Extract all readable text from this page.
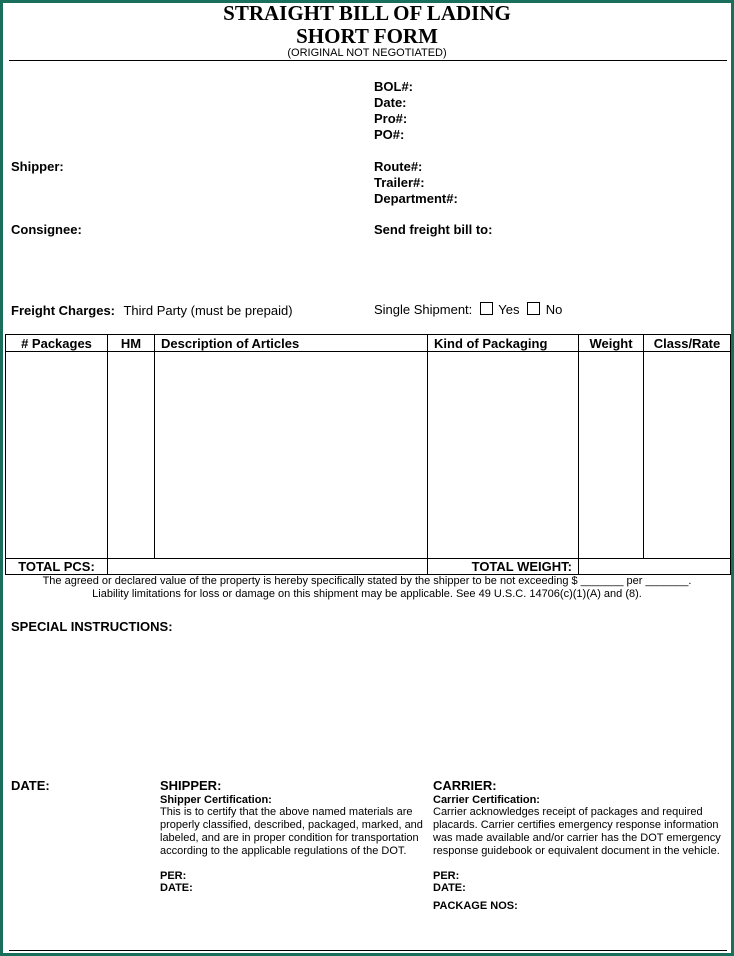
STRAIGHT BILL OF LADING
SHORT FORM
(ORIGINAL NOT NEGOTIATED)
BOL#:
Date:
Pro#:
PO#:
Route#:
Trailer#:
Department#:
Send freight bill to:
Shipper:
Consignee:
Freight Charges: Third Party (must be prepaid)	Single Shipment: Yes No
# Packages	HM	Description of Articles	Kind of Packaging	Weight	Class/Rate

TOTAL PCS:			TOTAL WEIGHT:		
The agreed or declared value of the property is hereby specifically stated by the shipper to be not exceeding $ _______ per _______.
Liability limitations for loss or damage on this shipment may be applicable. See 49 U.S.C. 14706(c)(1)(A) and (8).
SPECIAL INSTRUCTIONS:
DATE:	SHIPPER:
Shipper Certification:
This is to certify that the above named materials are
properly classified, described, packaged, marked, and
labeled, and are in proper condition for transportation
according to the applicable regulations of the DOT.
PER:
DATE:
CARRIER:
Carrier Certification:
Carrier acknowledges receipt of packages and required
placards. Carrier certifies emergency response information
was made available and/or carrier has the DOT emergency
response guidebook or equivalent document in the vehicle.
PER:
DATE:
PACKAGE NOS:
